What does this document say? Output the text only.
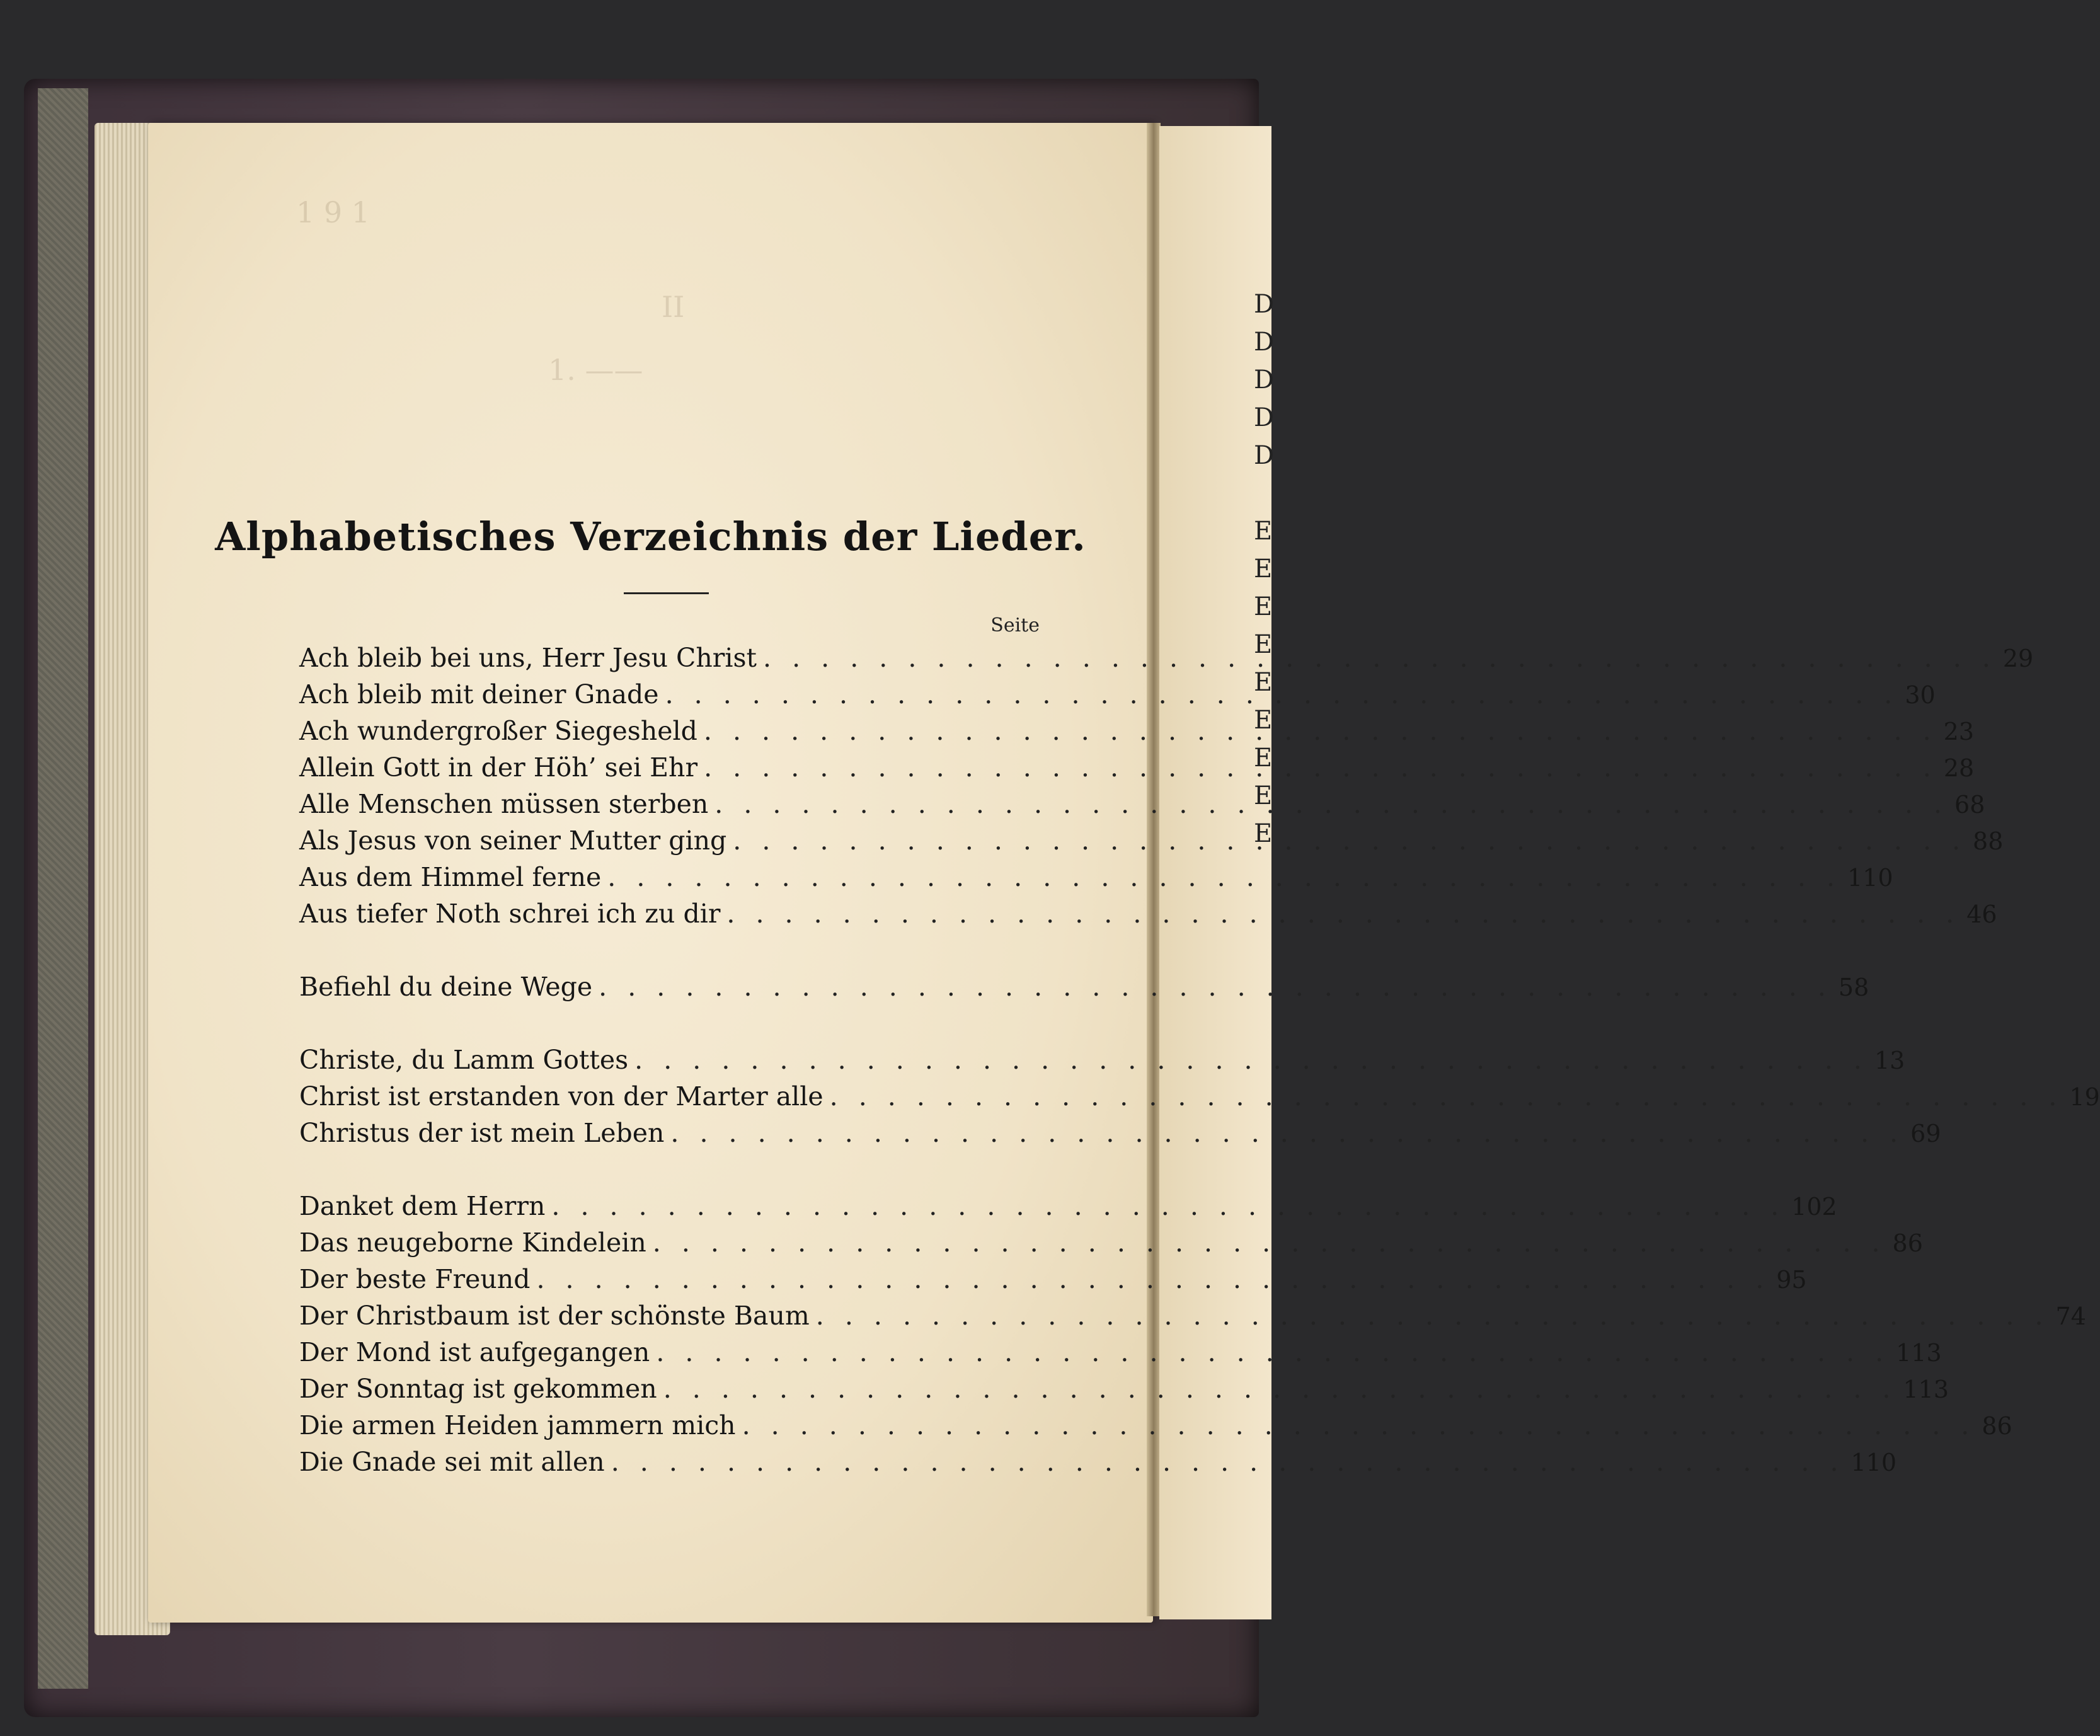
D
D
D
D
D
E
E
E
E
E
E
E
E
E
1 9 1
II
1. ——
Alphabetisches Verzeichnis der Lieder.
Seite
Ach bleib bei uns, Herr Jesu Christ . . .	29
Ach bleib mit deiner Gnade . . .	30
Ach wundergroßer Siegesheld . . .	23
Allein Gott in der Höh’ sei Ehr . . .	28
Alle Menschen müssen sterben . . .	68
Als Jesus von seiner Mutter ging . . .	88
Aus dem Himmel ferne . . .	110
Aus tiefer Noth schrei ich zu dir . . .	46
Befiehl du deine Wege . . .	58
Christe, du Lamm Gottes . . .	13
Christ ist erstanden von der Marter alle . . .	19
Christus der ist mein Leben . . .	69
Danket dem Herrn . . .	102
Das neugeborne Kindelein . . .	86
Der beste Freund . . .	95
Der Christbaum ist der schönste Baum . . .	74
Der Mond ist aufgegangen . . .	113
Der Sonntag ist gekommen . . .	113
Die armen Heiden jammern mich . . .	86
Die Gnade sei mit allen . . .	110
